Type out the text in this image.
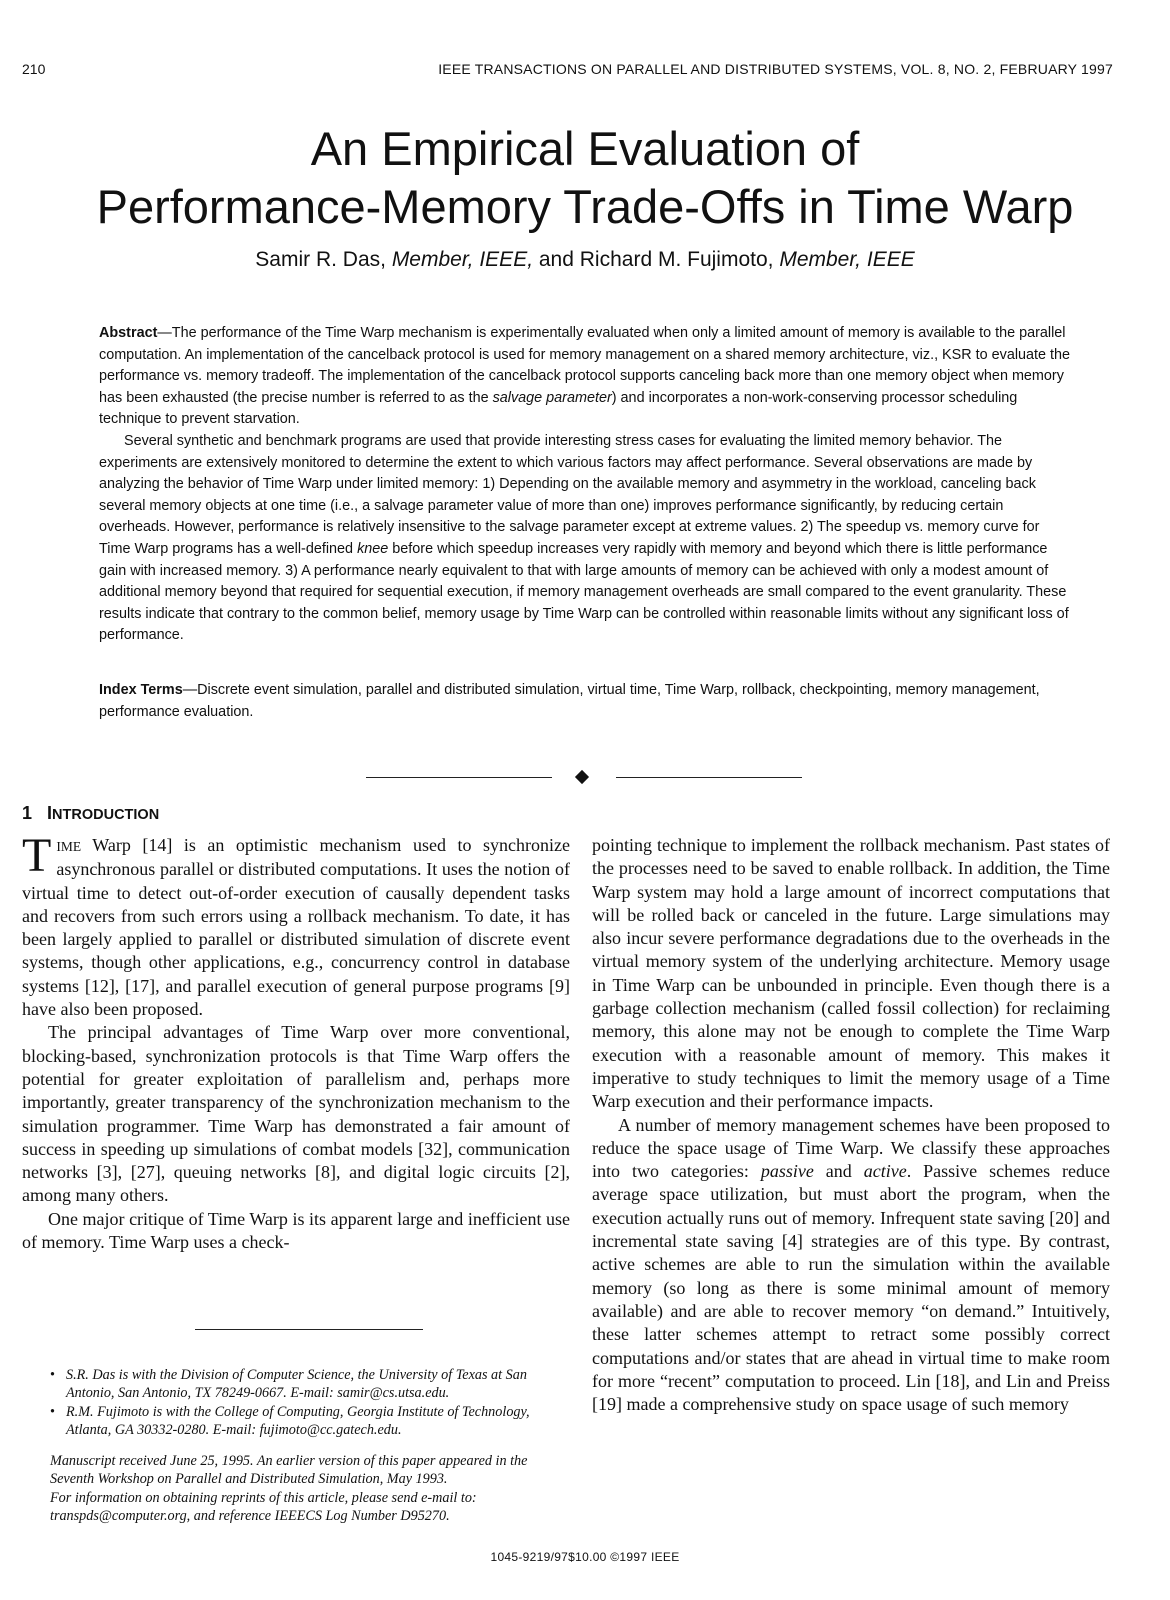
210	IEEE TRANSACTIONS ON PARALLEL AND DISTRIBUTED SYSTEMS, VOL. 8, NO. 2, FEBRUARY 1997
An Empirical Evaluation of
Performance-Memory Trade-Offs in Time Warp
Samir R. Das, Member, IEEE, and Richard M. Fujimoto, Member, IEEE

Abstract—The performance of the Time Warp mechanism is experimentally evaluated when only a limited amount of memory is available to the parallel computation. An implementation of the cancelback protocol is used for memory management on a shared memory architecture, viz., KSR to evaluate the performance vs. memory tradeoff. The implementation of the cancelback protocol supports canceling back more than one memory object when memory has been exhausted (the precise number is referred to as the salvage parameter) and incorporates a non-work-conserving processor scheduling technique to prevent starvation.

Several synthetic and benchmark programs are used that provide interesting stress cases for evaluating the limited memory behavior. The experiments are extensively monitored to determine the extent to which various factors may affect performance. Several observations are made by analyzing the behavior of Time Warp under limited memory: 1) Depending on the available memory and asymmetry in the workload, canceling back several memory objects at one time (i.e., a salvage parameter value of more than one) improves performance significantly, by reducing certain overheads. However, performance is relatively insensitive to the salvage parameter except at extreme values. 2) The speedup vs. memory curve for Time Warp programs has a well-defined knee before which speedup increases very rapidly with memory and beyond which there is little performance gain with increased memory. 3) A performance nearly equivalent to that with large amounts of memory can be achieved with only a modest amount of additional memory beyond that required for sequential execution, if memory management overheads are small compared to the event granularity. These results indicate that contrary to the common belief, memory usage by Time Warp can be controlled within reasonable limits without any significant loss of performance.

Index Terms—Discrete event simulation, parallel and distributed simulation, virtual time, Time Warp, rollback, checkpointing, memory management, performance evaluation.
1 INTRODUCTION

TIME Warp [14] is an optimistic mechanism used to synchronize asynchronous parallel or distributed computations. It uses the notion of virtual time to detect out-of-order execution of causally dependent tasks and recovers from such errors using a rollback mechanism. To date, it has been largely applied to parallel or distributed simulation of discrete event systems, though other applications, e.g., concurrency control in database systems [12], [17], and parallel execution of general purpose programs [9] have also been proposed.

The principal advantages of Time Warp over more conventional, blocking-based, synchronization protocols is that Time Warp offers the potential for greater exploitation of parallelism and, perhaps more importantly, greater transparency of the synchronization mechanism to the simulation programmer. Time Warp has demonstrated a fair amount of success in speeding up simulations of combat models [32], communication networks [3], [27], queuing networks [8], and digital logic circuits [2], among many others.

One major critique of Time Warp is its apparent large and inefficient use of memory. Time Warp uses a check-

pointing technique to implement the rollback mechanism. Past states of the processes need to be saved to enable rollback. In addition, the Time Warp system may hold a large amount of incorrect computations that will be rolled back or canceled in the future. Large simulations may also incur severe performance degradations due to the overheads in the virtual memory system of the underlying architecture. Memory usage in Time Warp can be unbounded in principle. Even though there is a garbage collection mechanism (called fossil collection) for reclaiming memory, this alone may not be enough to complete the Time Warp execution with a reasonable amount of memory. This makes it imperative to study techniques to limit the memory usage of a Time Warp execution and their performance impacts.

A number of memory management schemes have been proposed to reduce the space usage of Time Warp. We classify these approaches into two categories: passive and active. Passive schemes reduce average space utilization, but must abort the program, when the execution actually runs out of memory. Infrequent state saving [20] and incremental state saving [4] strategies are of this type. By contrast, active schemes are able to run the simulation within the available memory (so long as there is some minimal amount of memory available) and are able to recover memory “on demand.” Intuitively, these latter schemes attempt to retract some possibly correct computations and/or states that are ahead in virtual time to make room for more “recent” computation to proceed. Lin [18], and Lin and Preiss [19] made a comprehensive study on space usage of such memory

• S.R. Das is with the Division of Computer Science, the University of Texas at San Antonio, San Antonio, TX 78249-0667. E-mail: samir@cs.utsa.edu.
• R.M. Fujimoto is with the College of Computing, Georgia Institute of Technology, Atlanta, GA 30332-0280. E-mail: fujimoto@cc.gatech.edu.

Manuscript received June 25, 1995. An earlier version of this paper appeared in the Seventh Workshop on Parallel and Distributed Simulation, May 1993.

For information on obtaining reprints of this article, please send e-mail to: transpds@computer.org, and reference IEEECS Log Number D95270.

1045-9219/97$10.00 ©1997 IEEE
